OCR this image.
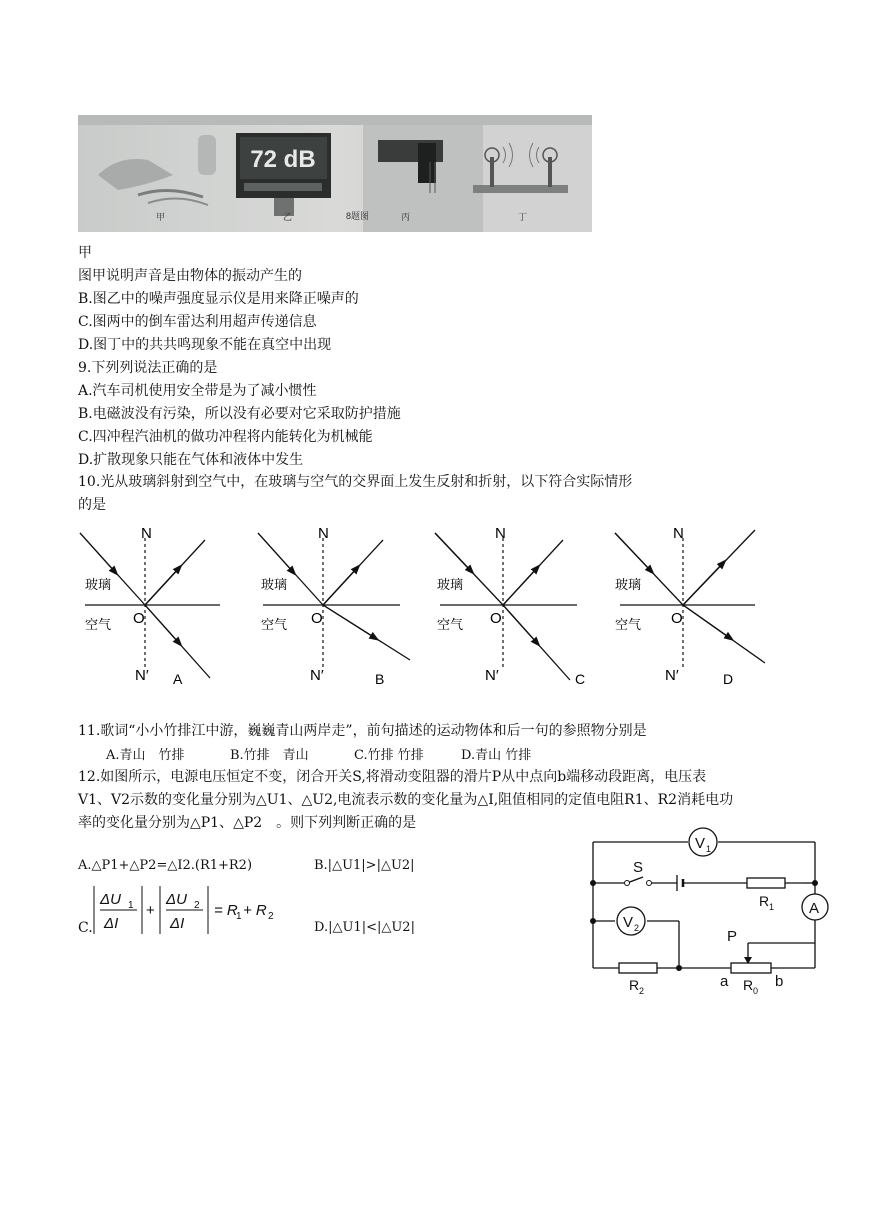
72 dB
甲	乙	8题图	丙	丁
甲
图甲说明声音是由物体的振动产生的
B.图乙中的噪声强度显示仪是用来降正噪声的
C.图两中的倒车雷达利用超声传递信息
D.图丁中的共共鸣现象不能在真空中出现
9.下列列说法正确的是
A.汽车司机使用安全带是为了减小惯性
B.电磁波没有污染，所以没有必要对它采取防护措施
C.四冲程汽油机的做功冲程将内能转化为机械能
D.扩散现象只能在气体和液体中发生
10.光从玻璃斜射到空气中，在玻璃与空气的交界面上发生反射和折射，以下符合实际情形
的是
N
N′
O
玻璃
空气
A
N
N′
O
玻璃
空气
B
N
N′
O
玻璃
空气
C
N
N′
O
玻璃
空气
D
11.歌词“小小竹排江中游，巍巍青山两岸走”，前句描述的运动物体和后一句的参照物分别是
A.青山　竹排	B.竹排　青山	C.竹排 竹排	D.青山 竹排
12.如图所示，电源电压恒定不变，闭合开关S,将滑动变阻器的滑片P从中点向b端移动段距离，电压表
V1、V2示数的变化量分别为△U1、△U2,电流表示数的变化量为△I,阻值相同的定值电阻R1、R2消耗电功
率的变化量分别为△P1、△P2　。则下列判断正确的是
A.△P1+△P2=△I2.(R1+R2)	B.|△U1|>|△U2|
C.
ΔU 1
ΔI
+
ΔU 2
ΔI
= R
1 + R 2
D.|△U1|<|△U2|
V 1
V 2
A
S
R 1
R 2	R 0
P
a	b
